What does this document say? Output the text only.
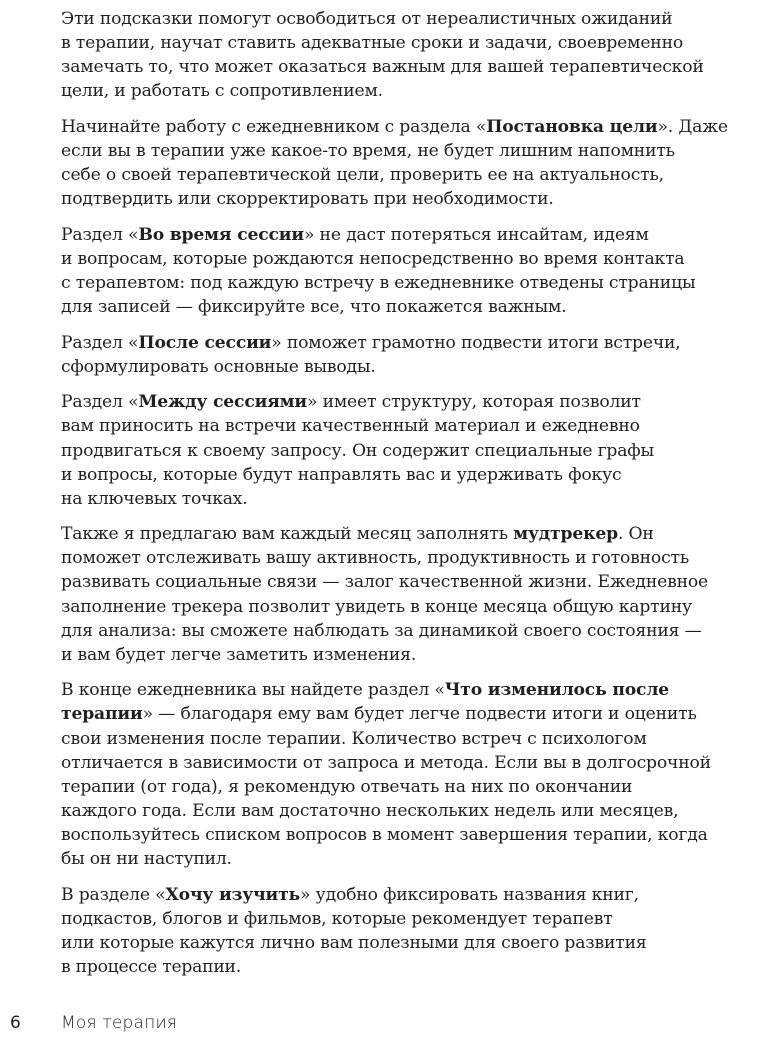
Эти подсказки помогут освободиться от нереалистичных ожиданий
в терапии, научат ставить адекватные сроки и задачи, своевременно
замечать то, что может оказаться важным для вашей терапевтической
цели, и работать с сопротивлением.
Начинайте работу с ежедневником с раздела «Постановка цели». Даже
если вы в терапии уже какое-то время, не будет лишним напомнить
себе о своей терапевтической цели, проверить ее на актуальность,
подтвердить или скорректировать при необходимости.
Раздел «Во время сессии» не даст потеряться инсайтам, идеям
и вопросам, которые рождаются непосредственно во время контакта
с терапевтом: под каждую встречу в ежедневнике отведены страницы
для записей — фиксируйте все, что покажется важным.
Раздел «После сессии» поможет грамотно подвести итоги встречи,
сформулировать основные выводы.
Раздел «Между сессиями» имеет структуру, которая позволит
вам приносить на встречи качественный материал и ежедневно
продвигаться к своему запросу. Он содержит специальные графы
и вопросы, которые будут направлять вас и удерживать фокус
на ключевых точках.
Также я предлагаю вам каждый месяц заполнять мудтрекер. Он
поможет отслеживать вашу активность, продуктивность и готовность
развивать социальные связи — залог качественной жизни. Ежедневное
заполнение трекера позволит увидеть в конце месяца общую картину
для анализа: вы сможете наблюдать за динамикой своего состояния —
и вам будет легче заметить изменения.
В конце ежедневника вы найдете раздел «Что изменилось после
терапии» — благодаря ему вам будет легче подвести итоги и оценить
свои изменения после терапии. Количество встреч с психологом
отличается в зависимости от запроса и метода. Если вы в долгосрочной
терапии (от года), я рекомендую отвечать на них по окончании
каждого года. Если вам достаточно нескольких недель или месяцев,
воспользуйтесь списком вопросов в момент завершения терапии, когда
бы он ни наступил.
В разделе «Хочу изучить» удобно фиксировать названия книг,
подкастов, блогов и фильмов, которые рекомендует терапевт
или которые кажутся лично вам полезными для своего развития
в процессе терапии.
6 Моя терапия
